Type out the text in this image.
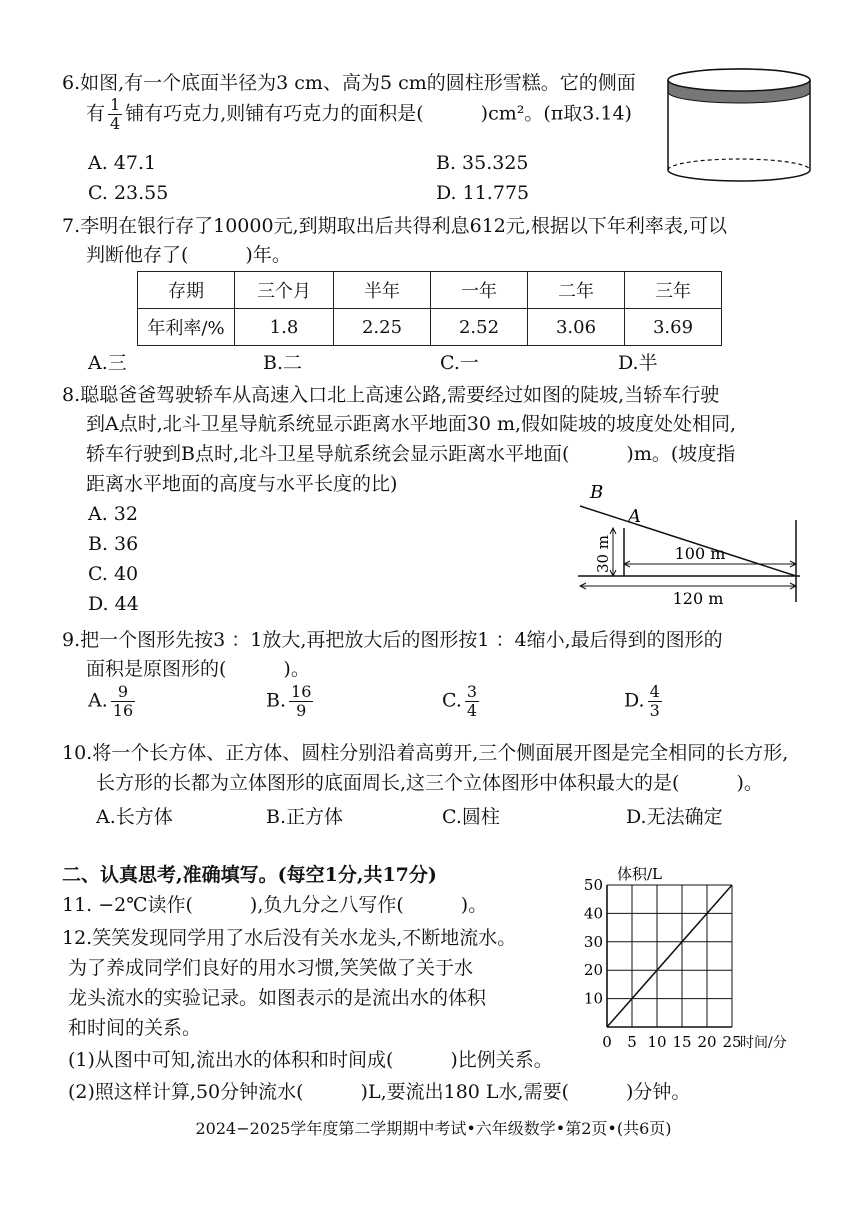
6.如图,有一个底面半径为3 cm、高为5 cm的圆柱形雪糕。它的侧面
有 $\frac{1}{4}$ 铺有巧克力,则铺有巧克力的面积是(　　　)cm²。(π取3.14)
A. 47.1	B. 35.325
C. 23.55	D. 11.775
7.李明在银行存了10000元,到期取出后共得利息612元,根据以下年利率表,可以
判断他存了(　　　)年。
存期	三个月	半年	一年	二年	三年
年利率/%	1.8	2.25	2.52	3.06	3.69
A.三	B.二	C.一	D.半
8.聪聪爸爸驾驶轿车从高速入口北上高速公路,需要经过如图的陡坡,当轿车行驶
到A点时,北斗卫星导航系统显示距离水平地面30 m,假如陡坡的坡度处处相同,
轿车行驶到B点时,北斗卫星导航系统会显示距离水平地面(　　　)m。(坡度指
距离水平地面的高度与水平长度的比)
A. 32
B. 36
C. 40
D. 44
B
A
30 m	100 m
120 m
9.把一个图形先按3 ：1放大,再把放大后的图形按1 ：4缩小,最后得到的图形的
面积是原图形的(　　　)。
A. $\frac{9}{16}$	B. $\frac{16}{9}$	C. $\frac{3}{4}$	D. $\frac{4}{3}$
10.将一个长方体、正方体、圆柱分别沿着高剪开,三个侧面展开图是完全相同的长方形,
长方形的长都为立体图形的底面周长,这三个立体图形中体积最大的是(　　　)。
A.长方体	B.正方体	C.圆柱	D.无法确定
二、认真思考,准确填写。(每空1分,共17分)
11. −2℃读作(　　　),负九分之八写作(　　　)。
12.笑笑发现同学用了水后没有关水龙头,不断地流水。
为了养成同学们良好的用水习惯,笑笑做了关于水
龙头流水的实验记录。如图表示的是流出水的体积
和时间的关系。
(1)从图中可知,流出水的体积和时间成(　　　)比例关系。
(2)照这样计算,50分钟流水(　　　)L,要流出180 L水,需要(　　　)分钟。
0 5 10 15 20 25
10
20
30
40
50
体积/L
时间/分
2024−2025学年度第二学期期中考试•六年级数学•第2页•(共6页)
